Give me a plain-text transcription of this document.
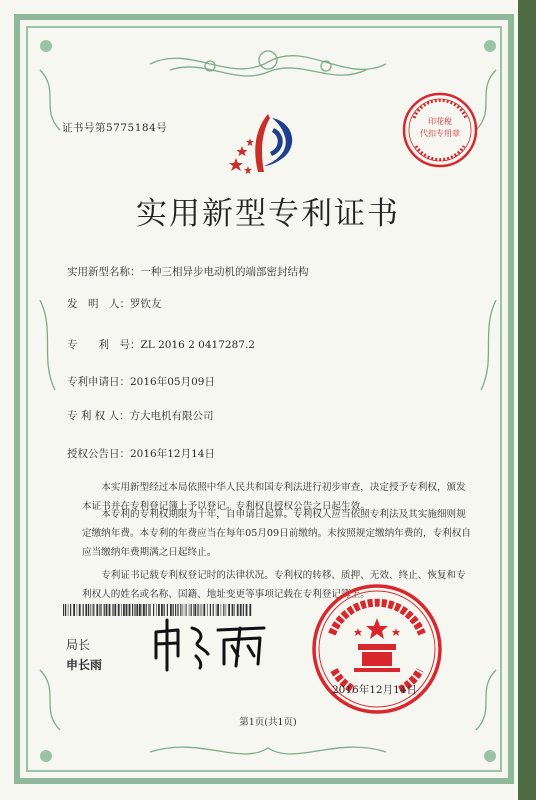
证书号第5775184号
印花税
代扣专用章
实用新型专利证书
实用新型名称：一种三相异步电动机的端部密封结构
发　明　人：罗钦友
专　　利　号：ZL 2016 2 0417287.2
专利申请日：2016年05月09日
专 利 权 人：方大电机有限公司
授权公告日：2016年12月14日
本实用新型经过本局依照中华人民共和国专利法进行初步审查，决定授予专利权，颁发本证书并在专利登记簿上予以登记。专利权自授权公告之日起生效。
本专利的专利权期限为十年，自申请日起算。专利权人应当依照专利法及其实施细则规定缴纳年费。本专利的年费应当在每年05月09日前缴纳。未按照规定缴纳年费的，专利权自应当缴纳年费期满之日起终止。
专利证书记载专利权登记时的法律状况。专利权的转移、质押、无效、终止、恢复和专利权人的姓名或名称、国籍、地址变更等事项记载在专利登记簿上。
局长
申长雨
2016年12月14日
第1页(共1页)
